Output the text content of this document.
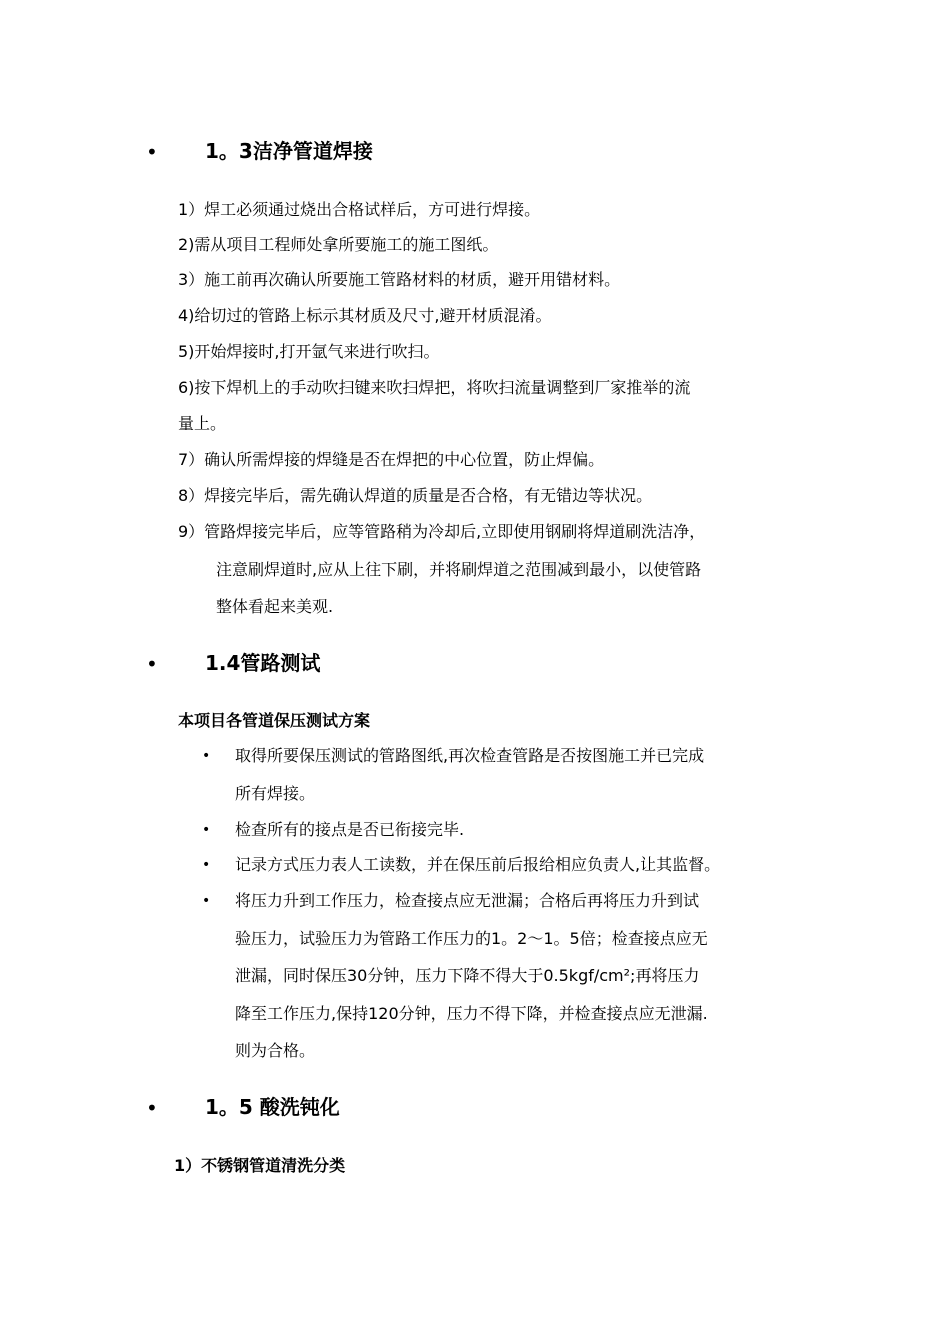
• 1。3洁净管道焊接
1）焊工必须通过烧出合格试样后，方可进行焊接。
2)需从项目工程师处拿所要施工的施工图纸。
3）施工前再次确认所要施工管路材料的材质，避开用错材料。
4)给切过的管路上标示其材质及尺寸,避开材质混淆。
5)开始焊接时,打开氩气来进行吹扫。
6)按下焊机上的手动吹扫键来吹扫焊把，将吹扫流量调整到厂家推举的流
量上。
7）确认所需焊接的焊缝是否在焊把的中心位置，防止焊偏。
8）焊接完毕后，需先确认焊道的质量是否合格，有无错边等状况。
9）管路焊接完毕后，应等管路稍为冷却后,立即使用钢刷将焊道刷洗洁净，
注意刷焊道时,应从上往下刷，并将刷焊道之范围减到最小，以使管路
整体看起来美观.
• 1.4管路测试
本项目各管道保压测试方案
• 取得所要保压测试的管路图纸,再次检查管路是否按图施工并已完成
所有焊接。
• 检查所有的接点是否已衔接完毕.
• 记录方式压力表人工读数，并在保压前后报给相应负责人,让其监督。
• 将压力升到工作压力，检查接点应无泄漏；合格后再将压力升到试
验压力，试验压力为管路工作压力的1。2～1。5倍；检查接点应无
泄漏，同时保压30分钟，压力下降不得大于0.5kgf/cm²;再将压力
降至工作压力,保持120分钟，压力不得下降，并检查接点应无泄漏.
则为合格。
• 1。5 酸洗钝化
1）不锈钢管道清洗分类
